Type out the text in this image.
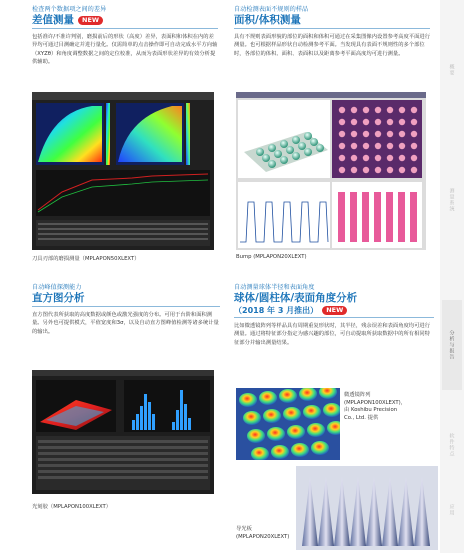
检查两个数据项之间的差异
差值测量	NEW
包括准许/不准许判别，磨损前后的形状（高度）差异，表面积和体积在内的差异均可通过目测确定并进行量化。仅需简单的点击操作即可自动完成水平方向轴（XYZθ）和角度调整数据之间的定位校准，从而为表面形状差异的有效分析提供辅助。
刀具刃部的磨损测量（MPLAPON50XLEXT）
自动检测表面不规则的样品
面积/体积测量
具有不规则表面形貌的部位的面积和体积可通过在采集图像内设置参考高度平面进行测量。也可根据样品形状自动检测参考平面。当发现具有表面不规则性的多个部位时，各部位的体积、面积、表面积以及距离参考平面高度均可进行测量。
Bump (MPLAPON20XLEXT)
自动峰值探测能力
直方图分析
直方图代表所获取的高度数据或颜色或激光强度的分布。可用于台阶和面积测量。另外也可提供模式，平值宽度和3σ，以及自动直方图峰值检测等诸多统计量的输出。
光刻胶（MPLAPON100XLEXT）
自动测量球体半径和表面角度
球体/圆柱体/表面角度分析
（2018 年 3 月推出）	NEW
比如微透镜阵列等样品具有周期重复形状时，其半径，残余误差和表面角度均可进行测量。通过将特征部分指定为感兴趣的部位，可自动提取所获取数据中的所有相同特征部分并输出测量结果。
微透镜阵列
(MPLAPON100XLEXT)，
由 Koshibu Precision
Co., Ltd. 提供
导光板
(MPLAPON20XLEXT)
概要
测量系统
分析与报告
软件特点
应用
